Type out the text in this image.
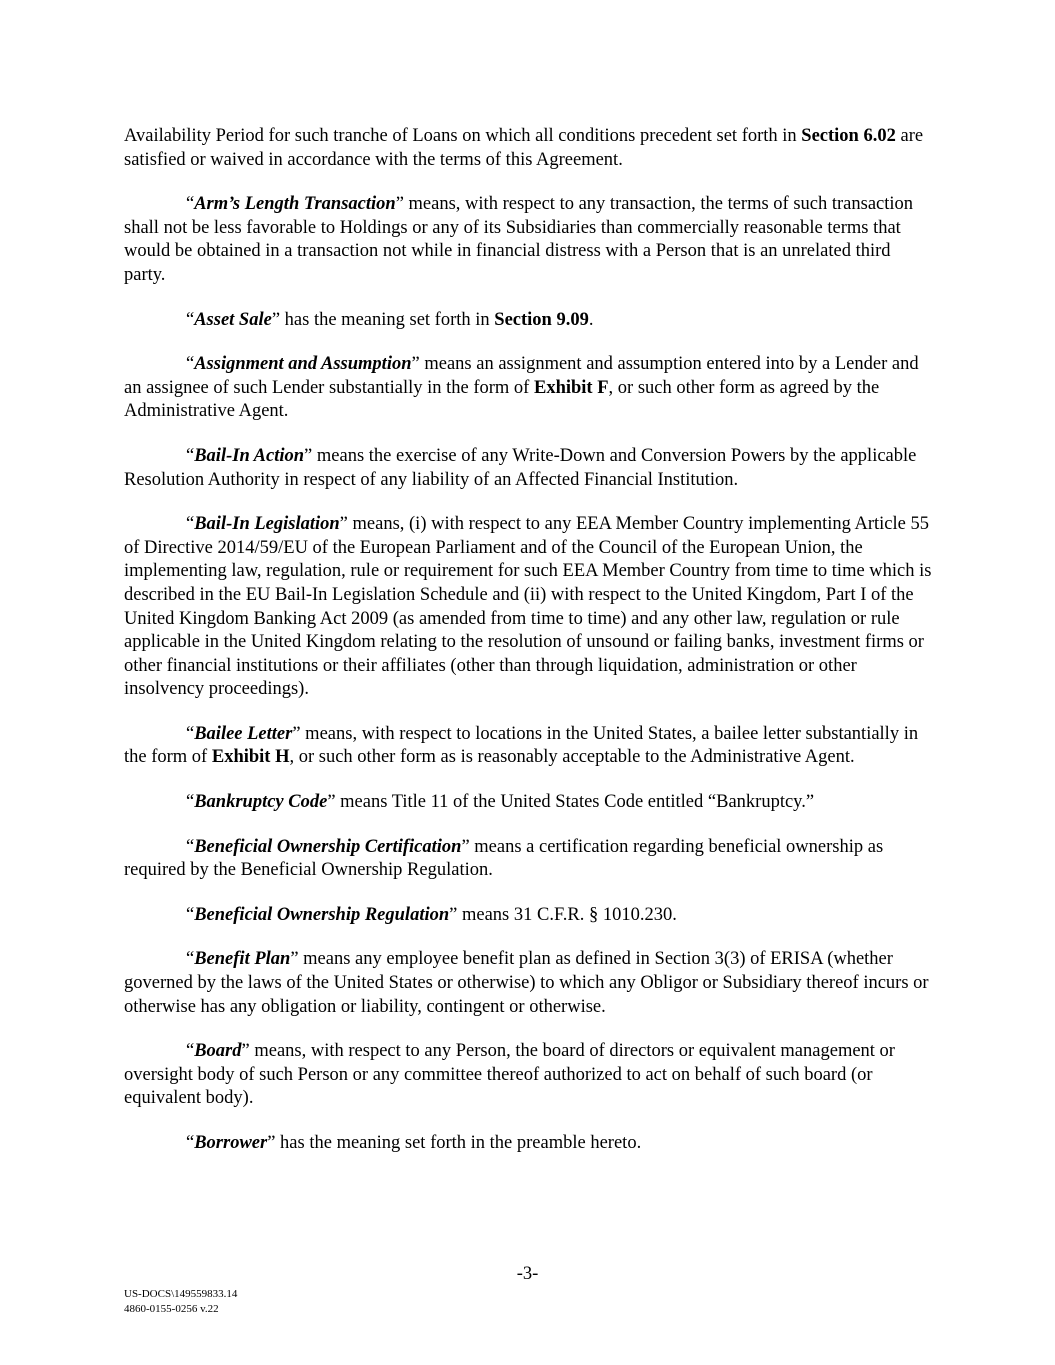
Availability Period for such tranche of Loans on which all conditions precedent set forth in Section 6.02 are satisfied or waived in accordance with the terms of this Agreement.

“Arm’s Length Transaction” means, with respect to any transaction, the terms of such transaction shall not be less favorable to Holdings or any of its Subsidiaries than commercially reasonable terms that would be obtained in a transaction not while in financial distress with a Person that is an unrelated third party.

“Asset Sale” has the meaning set forth in Section 9.09.

“Assignment and Assumption” means an assignment and assumption entered into by a Lender and an assignee of such Lender substantially in the form of Exhibit F, or such other form as agreed by the Administrative Agent.

“Bail-In Action” means the exercise of any Write-Down and Conversion Powers by the applicable Resolution Authority in respect of any liability of an Affected Financial Institution.

“Bail-In Legislation” means, (i) with respect to any EEA Member Country implementing Article 55 of Directive 2014/59/EU of the European Parliament and of the Council of the European Union, the implementing law, regulation, rule or requirement for such EEA Member Country from time to time which is described in the EU Bail-In Legislation Schedule and (ii) with respect to the United Kingdom, Part I of the United Kingdom Banking Act 2009 (as amended from time to time) and any other law, regulation or rule applicable in the United Kingdom relating to the resolution of unsound or failing banks, investment firms or other financial institutions or their affiliates (other than through liquidation, administration or other insolvency proceedings).

“Bailee Letter” means, with respect to locations in the United States, a bailee letter substantially in the form of Exhibit H, or such other form as is reasonably acceptable to the Administrative Agent.

“Bankruptcy Code” means Title 11 of the United States Code entitled “Bankruptcy.”

“Beneficial Ownership Certification” means a certification regarding beneficial ownership as required by the Beneficial Ownership Regulation.

“Beneficial Ownership Regulation” means 31 C.F.R. § 1010.230.

“Benefit Plan” means any employee benefit plan as defined in Section 3(3) of ERISA (whether governed by the laws of the United States or otherwise) to which any Obligor or Subsidiary thereof incurs or otherwise has any obligation or liability, contingent or otherwise.

“Board” means, with respect to any Person, the board of directors or equivalent management or oversight body of such Person or any committee thereof authorized to act on behalf of such board (or equivalent body).

“Borrower” has the meaning set forth in the preamble hereto.

-3-
US-DOCS\149559833.14
4860-0155-0256 v.22
